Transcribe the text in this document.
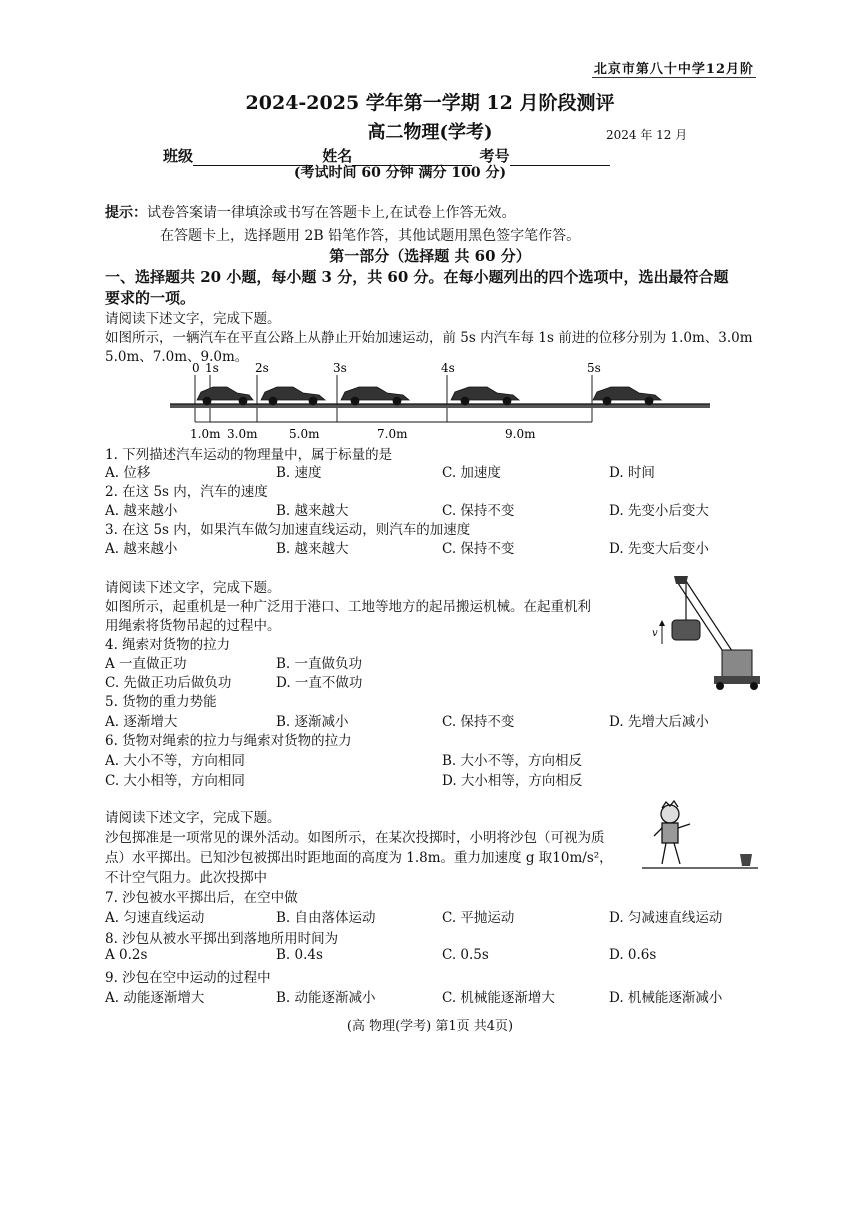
北京市第八十中学12月阶
2024-2025 学年第一学期 12 月阶段测评
高二物理(学考)	2024 年 12 月
班级	姓名	考号
(考试时间 60 分钟 满分 100 分)
提示：试卷答案请一律填涂或书写在答题卡上,在试卷上作答无效。
在答题卡上，选择题用 2B 铅笔作答，其他试题用黑色签字笔作答。
第一部分（选择题 共 60 分）
一、选择题共 20 小题，每小题 3 分，共 60 分。在每小题列出的四个选项中，选出最符合题
要求的一项。
请阅读下述文字，完成下题。
如图所示，一辆汽车在平直公路上从静止开始加速运动，前 5s 内汽车每 1s 前进的位移分别为 1.0m、3.0m
5.0m、7.0m、9.0m。
0 1s	2s	3s	4s	5s
1.0m 3.0m	5.0m	7.0m	9.0m
1. 下列描述汽车运动的物理量中，属于标量的是
A. 位移	B. 速度	C. 加速度	D. 时间
2. 在这 5s 内，汽车的速度
A. 越来越小	B. 越来越大	C. 保持不变	D. 先变小后变大
3. 在这 5s 内，如果汽车做匀加速直线运动，则汽车的加速度
A. 越来越小	B. 越来越大	C. 保持不变	D. 先变大后变小
请阅读下述文字，完成下题。
如图所示，起重机是一种广泛用于港口、工地等地方的起吊搬运机械。在起重机利
用绳索将货物吊起的过程中。	v
4. 绳索对货物的拉力
A 一直做正功	B. 一直做负功
C. 先做正功后做负功	D. 一直不做功
5. 货物的重力势能
A. 逐渐增大	B. 逐渐减小	C. 保持不变	D. 先增大后减小
6. 货物对绳索的拉力与绳索对货物的拉力
A. 大小不等，方向相同	B. 大小不等，方向相反
C. 大小相等，方向相同	D. 大小相等，方向相反
请阅读下述文字，完成下题。
沙包掷准是一项常见的课外活动。如图所示，在某次投掷时，小明将沙包（可视为质
点）水平掷出。已知沙包被掷出时距地面的高度为 1.8m。重力加速度 g 取10m/s²，
不计空气阻力。此次投掷中
7. 沙包被水平掷出后，在空中做
A. 匀速直线运动	B. 自由落体运动	C. 平抛运动	D. 匀减速直线运动
8. 沙包从被水平掷出到落地所用时间为
A 0.2s	B. 0.4s	C. 0.5s	D. 0.6s
9. 沙包在空中运动的过程中
A. 动能逐渐增大	B. 动能逐渐减小	C. 机械能逐渐增大	D. 机械能逐渐减小
(高 物理(学考) 第1页 共4页)
